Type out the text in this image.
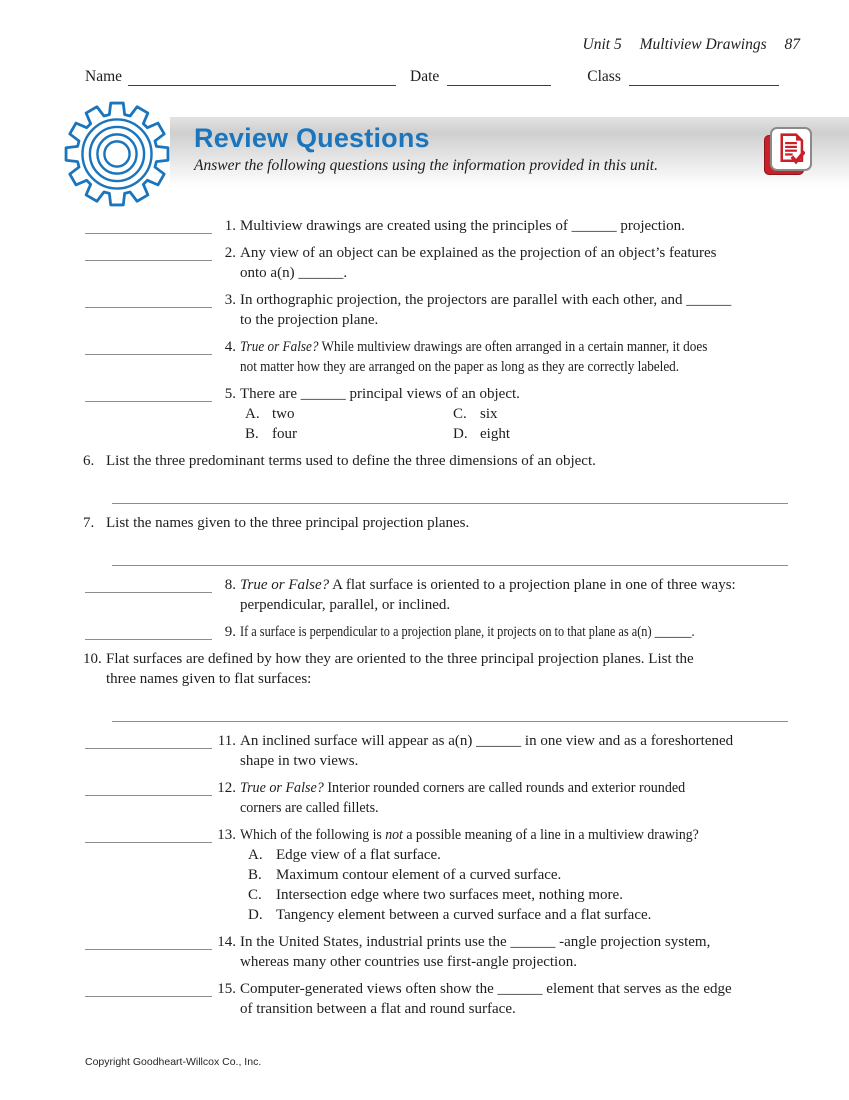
Unit 5 Multiview Drawings 87
Name	Date	Class
Review Questions
Answer the following questions using the information provided in this unit.
1. Multiview drawings are created using the principles of ______ projection.
2. Any view of an object can be explained as the projection of an object’s features
onto a(n) ______.
3. In orthographic projection, the projectors are parallel with each other, and ______
to the projection plane.
4. True or False? While multiview drawings are often arranged in a certain manner, it does
not matter how they are arranged on the paper as long as they are correctly labeled.
5. There are ______ principal views of an object.
A. two
B. four
C. six
D. eight
6. List the three predominant terms used to define the three dimensions of an object.
7. List the names given to the three principal projection planes.
8. True or False? A flat surface is oriented to a projection plane in one of three ways:
perpendicular, parallel, or inclined.
9. If a surface is perpendicular to a projection plane, it projects on to that plane as a(n) ______.
10. Flat surfaces are defined by how they are oriented to the three principal projection planes. List the
three names given to flat surfaces:
11. An inclined surface will appear as a(n) ______ in one view and as a foreshortened
shape in two views.
12. True or False? Interior rounded corners are called rounds and exterior rounded
corners are called fillets.
13. Which of the following is not a possible meaning of a line in a multiview drawing?
A. Edge view of a flat surface.
B. Maximum contour element of a curved surface.
C. Intersection edge where two surfaces meet, nothing more.
D. Tangency element between a curved surface and a flat surface.
14. In the United States, industrial prints use the ______ -angle projection system,
whereas many other countries use first-angle projection.
15. Computer-generated views often show the ______ element that serves as the edge
of transition between a flat and round surface.
Copyright Goodheart-Willcox Co., Inc.
